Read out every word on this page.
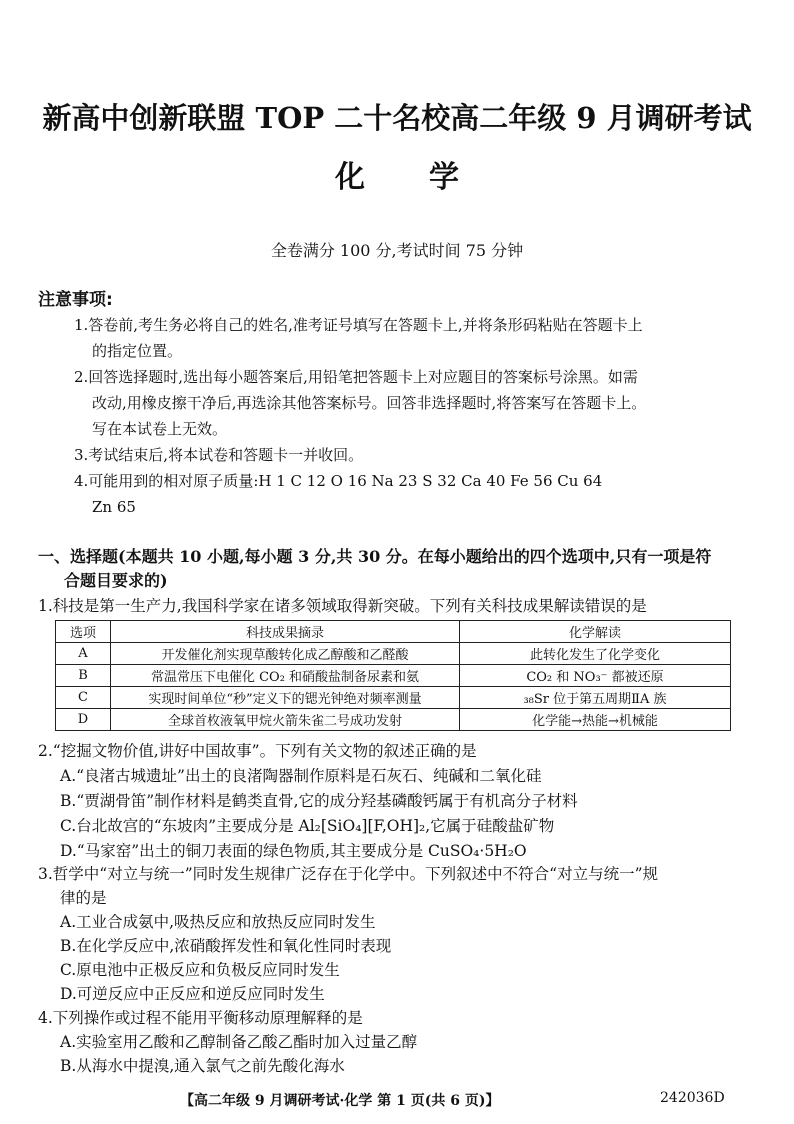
新高中创新联盟 TOP 二十名校高二年级 9 月调研考试
化学
全卷满分 100 分,考试时间 75 分钟
注意事项:
1.答卷前,考生务必将自己的姓名,准考证号填写在答题卡上,并将条形码粘贴在答题卡上
的指定位置。
2.回答选择题时,选出每小题答案后,用铅笔把答题卡上对应题目的答案标号涂黑。如需
改动,用橡皮擦干净后,再选涂其他答案标号。回答非选择题时,将答案写在答题卡上。
写在本试卷上无效。
3.考试结束后,将本试卷和答题卡一并收回。
4.可能用到的相对原子质量:H 1 C 12 O 16 Na 23 S 32 Ca 40 Fe 56 Cu 64
Zn 65
一、选择题(本题共 10 小题,每小题 3 分,共 30 分。在每小题给出的四个选项中,只有一项是符
合题目要求的)
1.科技是第一生产力,我国科学家在诸多领域取得新突破。下列有关科技成果解读错误的是
选项	科技成果摘录	化学解读
A	开发催化剂实现草酸转化成乙醇酸和乙醛酸	此转化发生了化学变化
B	常温常压下电催化 CO₂ 和硝酸盐制备尿素和氨	CO₂ 和 NO₃⁻ 都被还原
C	实现时间单位“秒”定义下的锶光钟绝对频率测量	₃₈Sr 位于第五周期ⅡA 族
D	全球首枚液氧甲烷火箭朱雀二号成功发射	化学能→热能→机械能
2.“挖掘文物价值,讲好中国故事”。下列有关文物的叙述正确的是
A.“良渚古城遗址”出土的良渚陶器制作原料是石灰石、纯碱和二氧化硅
B.“贾湖骨笛”制作材料是鹤类直骨,它的成分羟基磷酸钙属于有机高分子材料
C.台北故宫的“东坡肉”主要成分是 Al₂[SiO₄][F,OH]₂,它属于硅酸盐矿物
D.“马家窑”出土的铜刀表面的绿色物质,其主要成分是 CuSO₄·5H₂O
3.哲学中“对立与统一”同时发生规律广泛存在于化学中。下列叙述中不符合“对立与统一”规
律的是
A.工业合成氨中,吸热反应和放热反应同时发生
B.在化学反应中,浓硝酸挥发性和氧化性同时表现
C.原电池中正极反应和负极反应同时发生
D.可逆反应中正反应和逆反应同时发生
4.下列操作或过程不能用平衡移动原理解释的是
A.实验室用乙酸和乙醇制备乙酸乙酯时加入过量乙醇
B.从海水中提溴,通入氯气之前先酸化海水
【高二年级 9 月调研考试·化学 第 1 页(共 6 页)】	242036D
